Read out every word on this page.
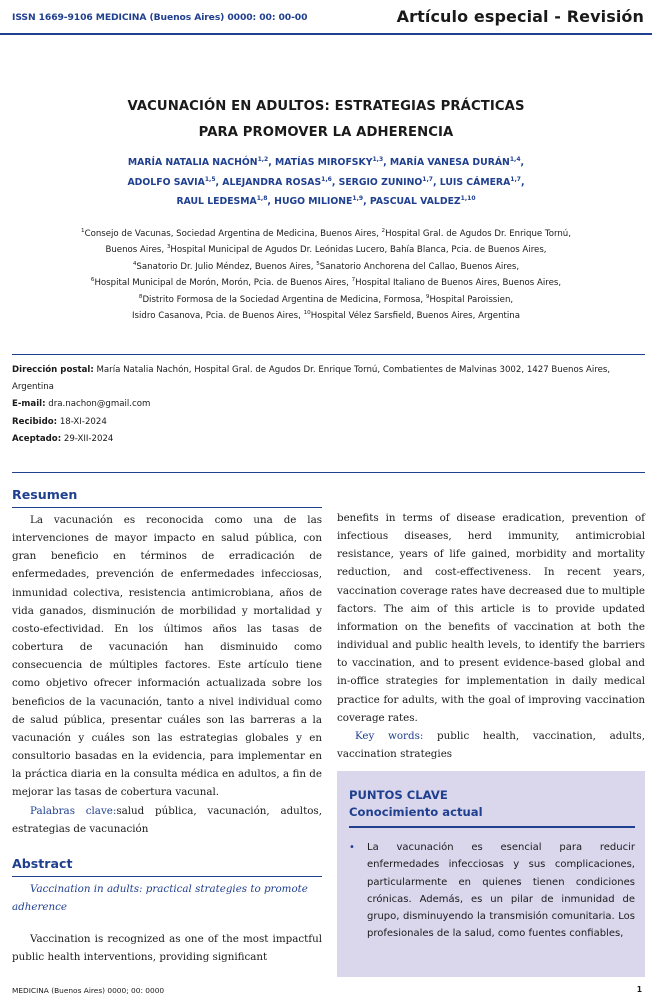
ISSN 1669-9106 MEDICINA (Buenos Aires) 0000: 00: 00-00	Artículo especial - Revisión
VACUNACIÓN EN ADULTOS: ESTRATEGIAS PRÁCTICAS
PARA PROMOVER LA ADHERENCIA
MARÍA NATALIA NACHÓN$^{1,2}$, MATÍAS MIROFSKY$^{1,3}$, MARÍA VANESA DURÁN$^{1,4}$,
ADOLFO SAVIA$^{1,5}$, ALEJANDRA ROSAS$^{1,6}$, SERGIO ZUNINO$^{1,7}$, LUIS CÁMERA$^{1,7}$,
RAUL LEDESMA$^{1,8}$, HUGO MILIONE$^{1,9}$, PASCUAL VALDEZ$^{1,10}$
$^1$Consejo de Vacunas, Sociedad Argentina de Medicina, Buenos Aires, $^2$Hospital Gral. de Agudos Dr. Enrique Tornú,
Buenos Aires, $^3$Hospital Municipal de Agudos Dr. Leónidas Lucero, Bahía Blanca, Pcia. de Buenos Aires,
$^4$Sanatorio Dr. Julio Méndez, Buenos Aires, $^5$Sanatorio Anchorena del Callao, Buenos Aires,
$^6$Hospital Municipal de Morón, Morón, Pcia. de Buenos Aires, $^7$Hospital Italiano de Buenos Aires, Buenos Aires,
$^8$Distrito Formosa de la Sociedad Argentina de Medicina, Formosa, $^9$Hospital Paroissien,
Isidro Casanova, Pcia. de Buenos Aires, $^{10}$Hospital Vélez Sarsfield, Buenos Aires, Argentina
Dirección postal: María Natalia Nachón, Hospital Gral. de Agudos Dr. Enrique Tornú, Combatientes de Malvinas 3002, 1427 Buenos Aires, Argentina
E-mail: dra.nachon@gmail.com
Recibido: 18-XI-2024
Aceptado: 29-XII-2024
Resumen

La vacunación es reconocida como una de las intervenciones de mayor impacto en salud pública, con gran beneficio en términos de erradicación de enfermedades, prevención de enfermedades infecciosas, inmunidad colectiva, resistencia antimicrobiana, años de vida ganados, disminución de morbilidad y mortalidad y costo-efectividad. En los últimos años las tasas de cobertura de vacunación han disminuido como consecuencia de múltiples factores. Este artículo tiene como objetivo ofrecer información actualizada sobre los beneficios de la vacunación, tanto a nivel individual como de salud pública, presentar cuáles son las barreras a la vacunación y cuáles son las estrategias globales y en consultorio basadas en la evidencia, para implementar en la práctica diaria en la consulta médica en adultos, a fin de mejorar las tasas de cobertura vacunal.

Palabras clave:salud pública, vacunación, adultos, estrategias de vacunación

Abstract

Vaccination in adults: practical strategies to promote adherence

Vaccination is recognized as one of the most impactful public health interventions, providing significant

benefits in terms of disease eradication, prevention of infectious diseases, herd immunity, antimicrobial resistance, years of life gained, morbidity and mortality reduction, and cost-effectiveness. In recent years, vaccination coverage rates have decreased due to multiple factors. The aim of this article is to provide updated information on the benefits of vaccination at both the individual and public health levels, to identify the barriers to vaccination, and to present evidence-based global and in-office strategies for implementation in daily medical practice for adults, with the goal of improving vaccination coverage rates.

Key words: public health, vaccination, adults, vaccination strategies

PUNTOS CLAVE
Conocimiento actual
• La vacunación es esencial para reducir enfermedades infecciosas y sus complicaciones, particularmente en quienes tienen condiciones crónicas. Además, es un pilar de inmunidad de grupo, disminuyendo la transmisión comunitaria. Los profesionales de la salud, como fuentes confiables,
MEDICINA (Buenos Aires) 0000; 00: 0000	1
